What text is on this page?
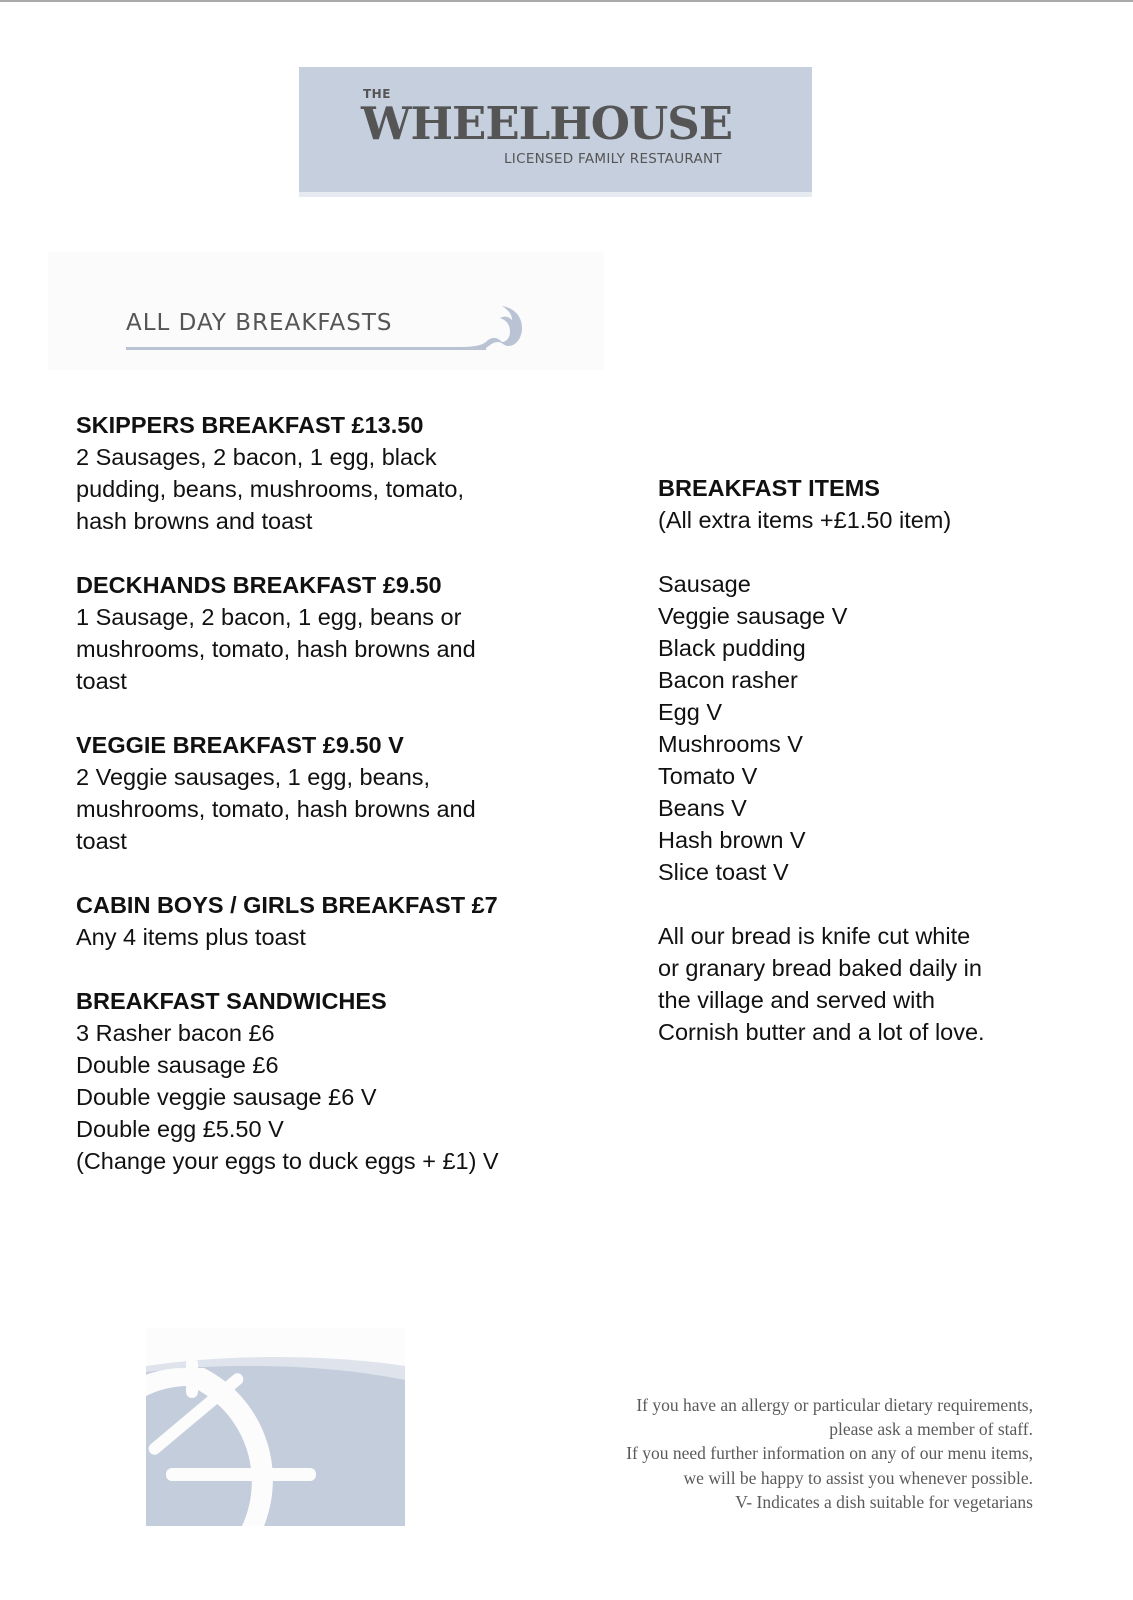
THE
WHEELHOUSE
LICENSED FAMILY RESTAURANT
ALL DAY BREAKFASTS
SKIPPERS BREAKFAST £13.50
2 Sausages, 2 bacon, 1 egg, black
pudding, beans, mushrooms, tomato,
hash browns and toast
DECKHANDS BREAKFAST £9.50
1 Sausage, 2 bacon, 1 egg, beans or
mushrooms, tomato, hash browns and
toast
VEGGIE BREAKFAST £9.50 V
2 Veggie sausages, 1 egg, beans,
mushrooms, tomato, hash browns and
toast
CABIN BOYS / GIRLS BREAKFAST £7
Any 4 items plus toast
BREAKFAST SANDWICHES
3 Rasher bacon £6
Double sausage £6
Double veggie sausage £6 V
Double egg £5.50 V
(Change your eggs to duck eggs + £1) V
BREAKFAST ITEMS
(All extra items +£1.50 item)
Sausage
Veggie sausage V
Black pudding
Bacon rasher
Egg V
Mushrooms V
Tomato V
Beans V
Hash brown V
Slice toast V
All our bread is knife cut white
or granary bread baked daily in
the village and served with
Cornish butter and a lot of love.
If you have an allergy or particular dietary requirements,
please ask a member of staff.
If you need further information on any of our menu items,
we will be happy to assist you whenever possible.
V- Indicates a dish suitable for vegetarians
